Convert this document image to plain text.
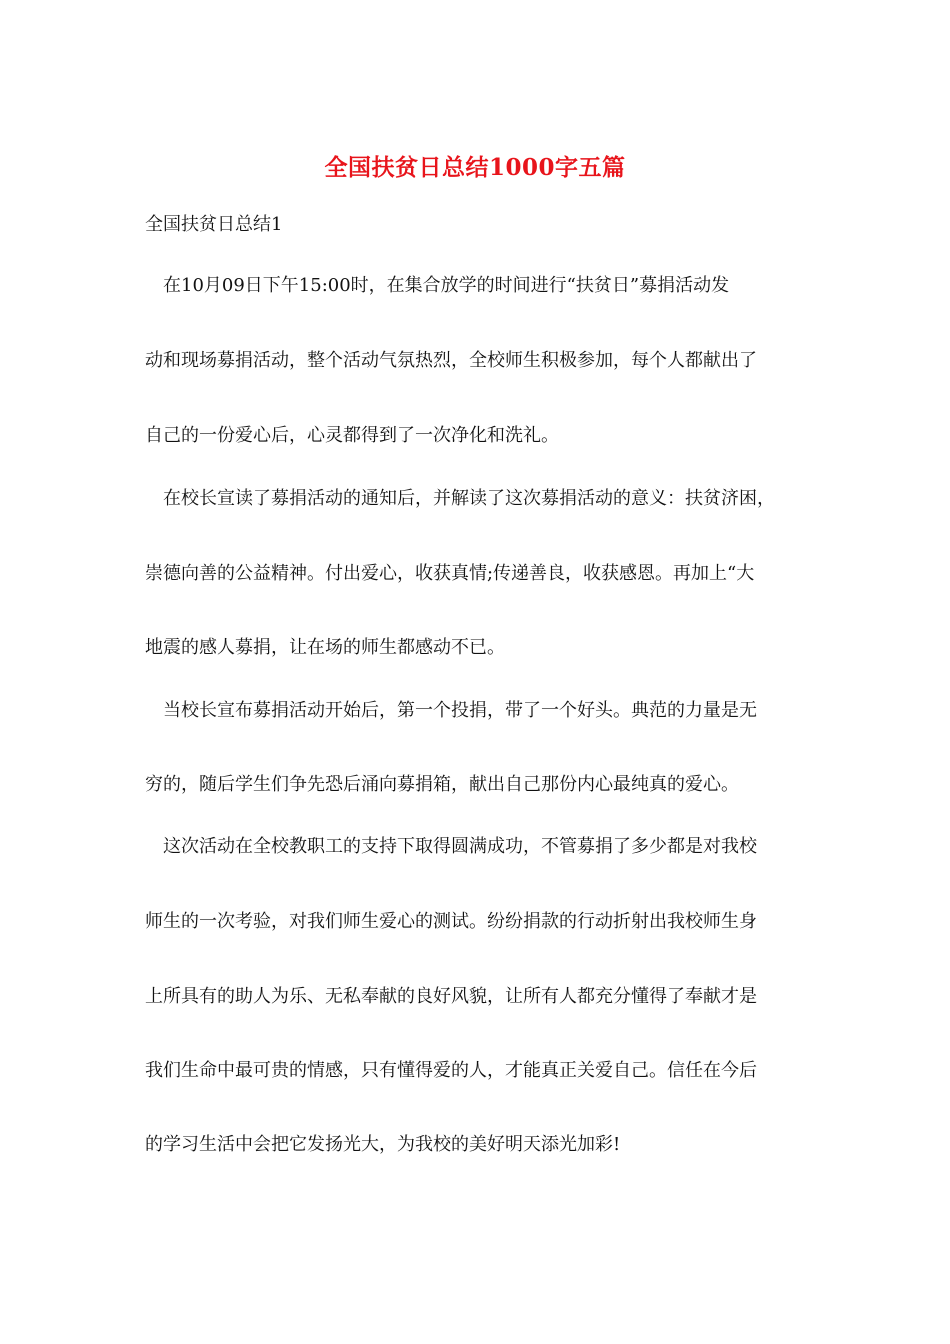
全国扶贫日总结1000字五篇
全国扶贫日总结1
在10月09日下午15:00时，在集合放学的时间进行“扶贫日”募捐活动发
动和现场募捐活动，整个活动气氛热烈，全校师生积极参加，每个人都献出了
自己的一份爱心后，心灵都得到了一次净化和洗礼。
在校长宣读了募捐活动的通知后，并解读了这次募捐活动的意义：扶贫济困，
崇德向善的公益精神。付出爱心，收获真情;传递善良，收获感恩。再加上“大
地震的感人募捐，让在场的师生都感动不已。
当校长宣布募捐活动开始后，第一个投捐，带了一个好头。典范的力量是无
穷的，随后学生们争先恐后涌向募捐箱，献出自己那份内心最纯真的爱心。
这次活动在全校教职工的支持下取得圆满成功，不管募捐了多少都是对我校
师生的一次考验，对我们师生爱心的测试。纷纷捐款的行动折射出我校师生身
上所具有的助人为乐、无私奉献的良好风貌，让所有人都充分懂得了奉献才是
我们生命中最可贵的情感，只有懂得爱的人，才能真正关爱自己。信任在今后
的学习生活中会把它发扬光大，为我校的美好明天添光加彩!
